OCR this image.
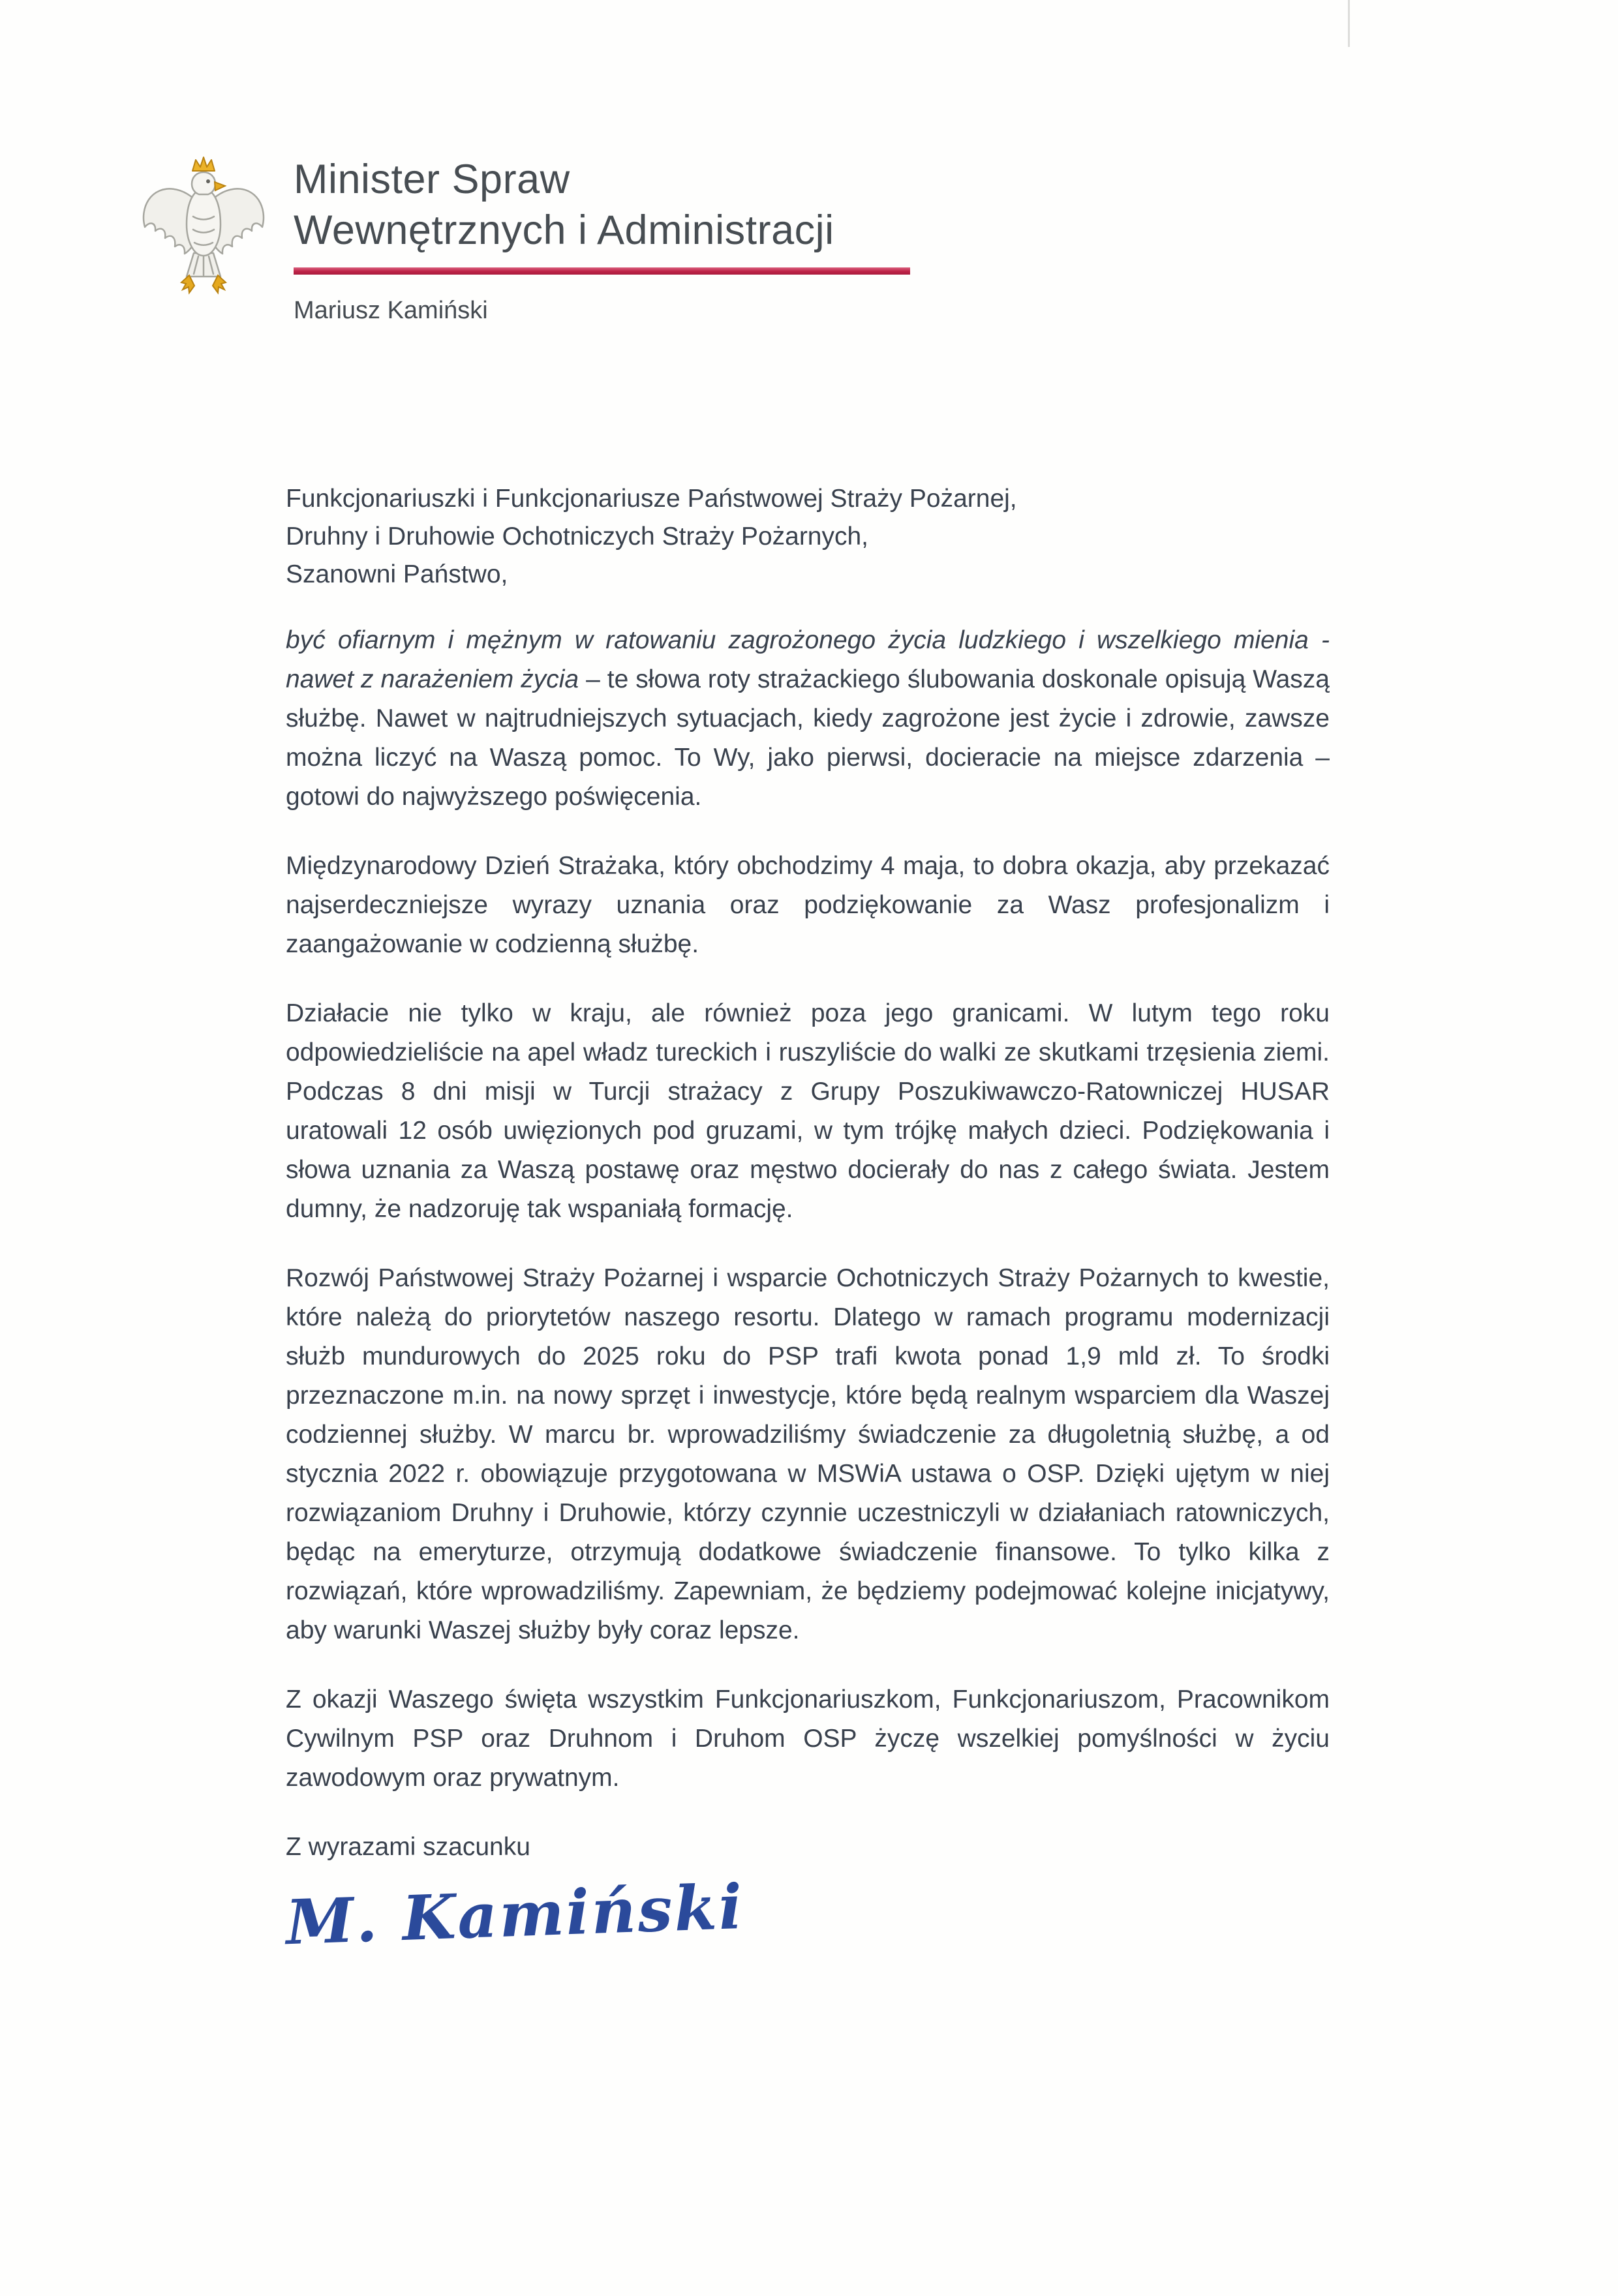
Minister Spraw
Wewnętrznych i Administracji
Mariusz Kamiński
Funkcjonariuszki i Funkcjonariusze Państwowej Straży Pożarnej,
Druhny i Druhowie Ochotniczych Straży Pożarnych,
Szanowni Państwo,

być ofiarnym i mężnym w ratowaniu zagrożonego życia ludzkiego i wszelkiego mienia - nawet z narażeniem życia – te słowa roty strażackiego ślubowania doskonale opisują Waszą służbę. Nawet w najtrudniejszych sytuacjach, kiedy zagrożone jest życie i zdrowie, zawsze można liczyć na Waszą pomoc. To Wy, jako pierwsi, docieracie na miejsce zdarzenia – gotowi do najwyższego poświęcenia.

Międzynarodowy Dzień Strażaka, który obchodzimy 4 maja, to dobra okazja, aby przekazać najserdeczniejsze wyrazy uznania oraz podziękowanie za Wasz profesjonalizm i zaangażowanie w codzienną służbę.

Działacie nie tylko w kraju, ale również poza jego granicami. W lutym tego roku odpowiedzieliście na apel władz tureckich i ruszyliście do walki ze skutkami trzęsienia ziemi. Podczas 8 dni misji w Turcji strażacy z Grupy Poszukiwawczo-Ratowniczej HUSAR uratowali 12 osób uwięzionych pod gruzami, w tym trójkę małych dzieci. Podziękowania i słowa uznania za Waszą postawę oraz męstwo docierały do nas z całego świata. Jestem dumny, że nadzoruję tak wspaniałą formację.

Rozwój Państwowej Straży Pożarnej i wsparcie Ochotniczych Straży Pożarnych to kwestie, które należą do priorytetów naszego resortu. Dlatego w ramach programu modernizacji służb mundurowych do 2025 roku do PSP trafi kwota ponad 1,9 mld zł. To środki przeznaczone m.in. na nowy sprzęt i inwestycje, które będą realnym wsparciem dla Waszej codziennej służby. W marcu br. wprowadziliśmy świadczenie za długoletnią służbę, a od stycznia 2022 r. obowiązuje przygotowana w MSWiA ustawa o OSP. Dzięki ujętym w niej rozwiązaniom Druhny i Druhowie, którzy czynnie uczestniczyli w działaniach ratowniczych, będąc na emeryturze, otrzymują dodatkowe świadczenie finansowe. To tylko kilka z rozwiązań, które wprowadziliśmy. Zapewniam, że będziemy podejmować kolejne inicjatywy, aby warunki Waszej służby były coraz lepsze.

Z okazji Waszego święta wszystkim Funkcjonariuszkom, Funkcjonariuszom, Pracownikom Cywilnym PSP oraz Druhnom i Druhom OSP życzę wszelkiej pomyślności w życiu zawodowym oraz prywatnym.

Z wyrazami szacunku

M. Kamiński
